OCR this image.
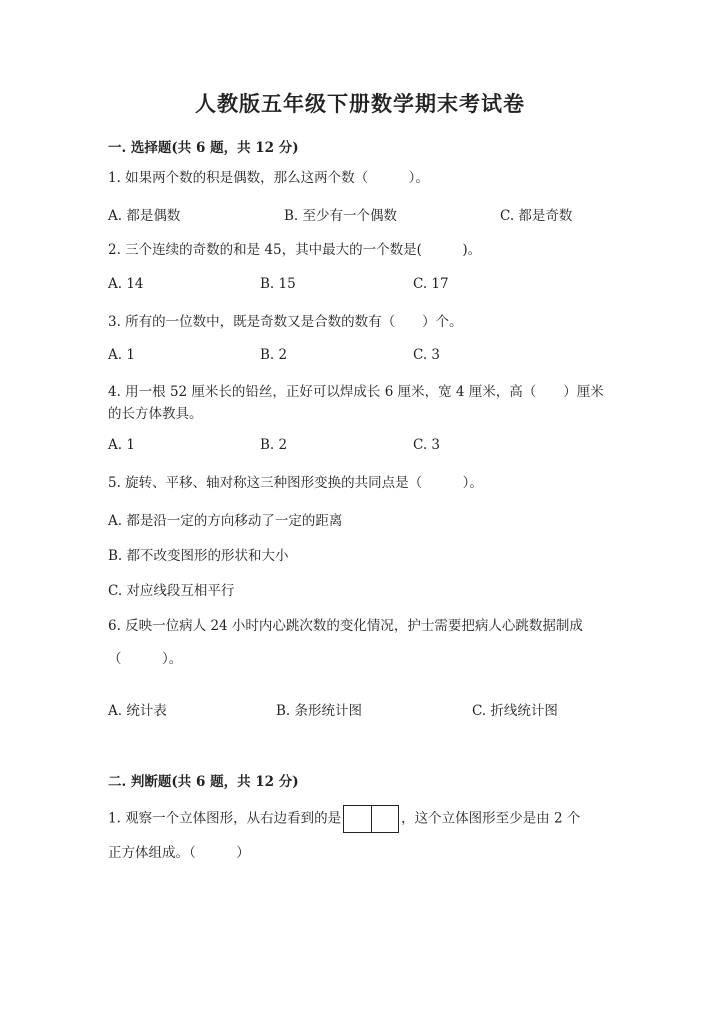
人教版五年级下册数学期末考试卷
一. 选择题(共 6 题，共 12 分)
1. 如果两个数的积是偶数，那么这两个数（　　　）。
A. 都是偶数	B. 至少有一个偶数	C. 都是奇数
2. 三个连续的奇数的和是 45，其中最大的一个数是(　　　)。
A. 14	B. 15	C. 17
3. 所有的一位数中，既是奇数又是合数的数有（　　）个。
A. 1	B. 2	C. 3
4. 用一根 52 厘米长的铅丝，正好可以焊成长 6 厘米，宽 4 厘米，高（　　）厘米的长方体教具。
A. 1	B. 2	C. 3
5. 旋转、平移、轴对称这三种图形变换的共同点是（　　　）。
A. 都是沿一定的方向移动了一定的距离
B. 都不改变图形的形状和大小
C. 对应线段互相平行
6. 反映一位病人 24 小时内心跳次数的变化情况，护士需要把病人心跳数据制成
（　　　）。
A. 统计表	B. 条形统计图	C. 折线统计图
二. 判断题(共 6 题，共 12 分)
1. 观察一个立体图形，从右边看到的是	，这个立体图形至少是由 2 个
正方体组成。（　　　）
